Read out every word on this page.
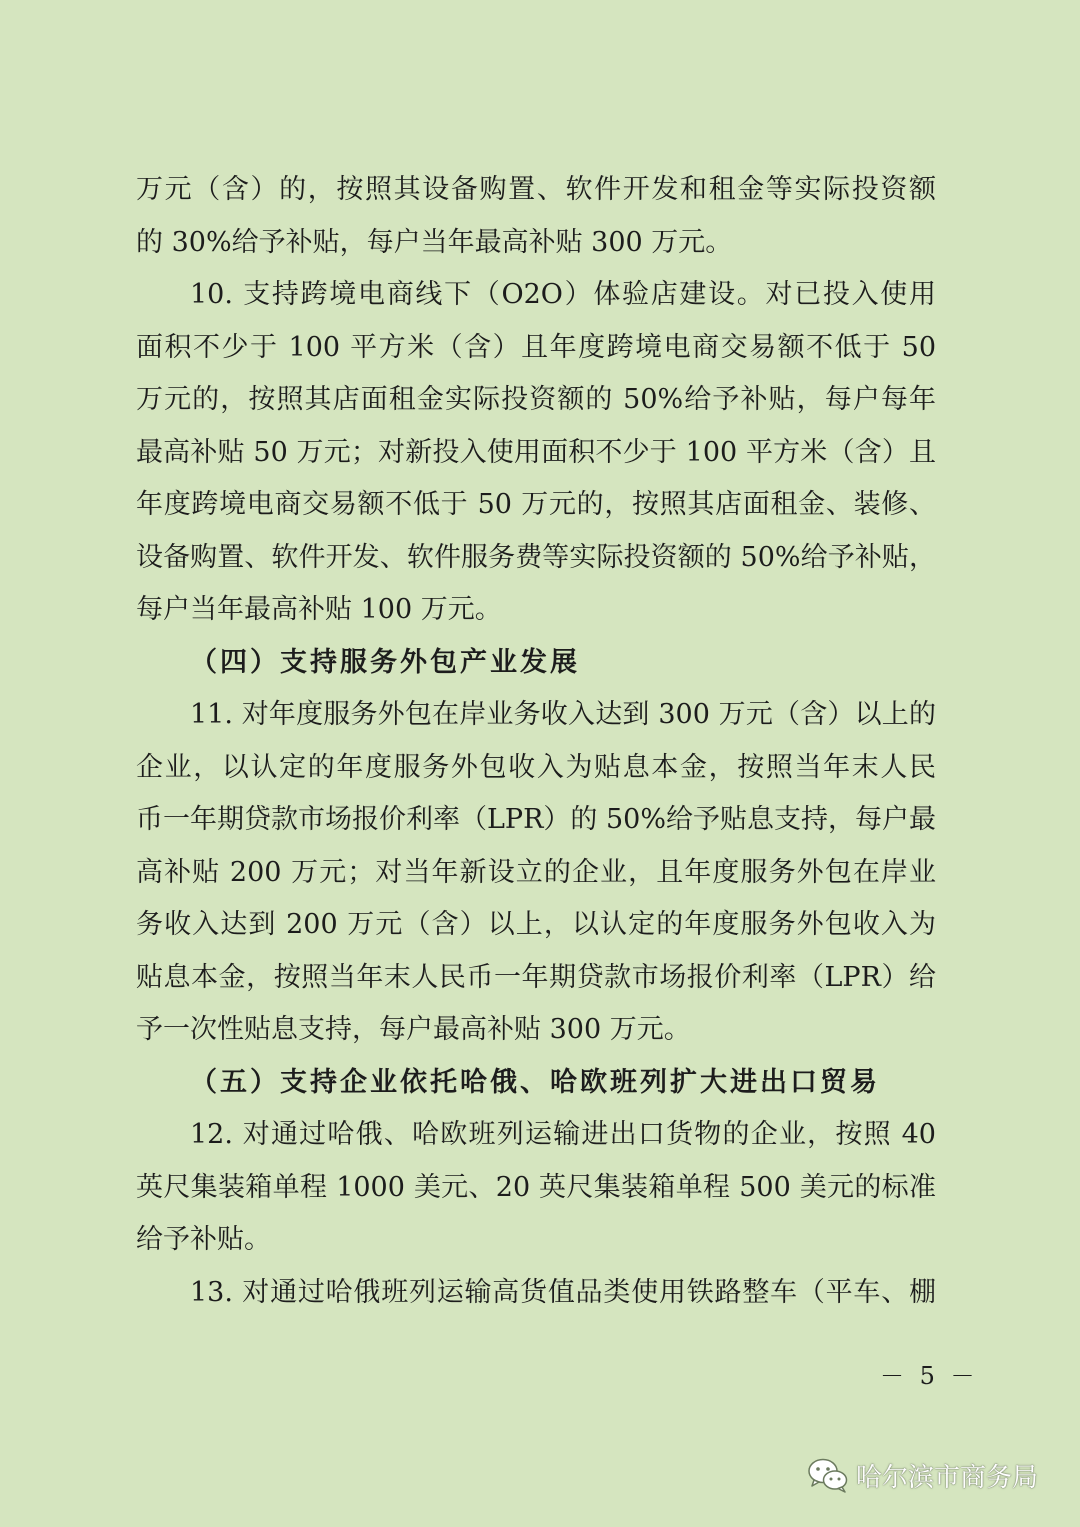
万元（含）的，按照其设备购置、软件开发和租金等实际投资额
的 30%给予补贴，每户当年最高补贴 300 万元。
10. 支持跨境电商线下（O2O）体验店建设。对已投入使用
面积不少于 100 平方米（含）且年度跨境电商交易额不低于 50
万元的，按照其店面租金实际投资额的 50%给予补贴，每户每年
最高补贴 50 万元；对新投入使用面积不少于 100 平方米（含）且
年度跨境电商交易额不低于 50 万元的，按照其店面租金、装修、
设备购置、软件开发、软件服务费等实际投资额的 50%给予补贴，
每户当年最高补贴 100 万元。
（四）支持服务外包产业发展
11. 对年度服务外包在岸业务收入达到 300 万元（含）以上的
企业，以认定的年度服务外包收入为贴息本金，按照当年末人民
币一年期贷款市场报价利率（LPR）的 50%给予贴息支持，每户最
高补贴 200 万元；对当年新设立的企业，且年度服务外包在岸业
务收入达到 200 万元（含）以上，以认定的年度服务外包收入为
贴息本金，按照当年末人民币一年期贷款市场报价利率（LPR）给
予一次性贴息支持，每户最高补贴 300 万元。
（五）支持企业依托哈俄、哈欧班列扩大进出口贸易
12. 对通过哈俄、哈欧班列运输进出口货物的企业，按照 40
英尺集装箱单程 1000 美元、20 英尺集装箱单程 500 美元的标准
给予补贴。
13. 对通过哈俄班列运输高货值品类使用铁路整车（平车、棚
－ 5 －
哈尔滨市商务局
